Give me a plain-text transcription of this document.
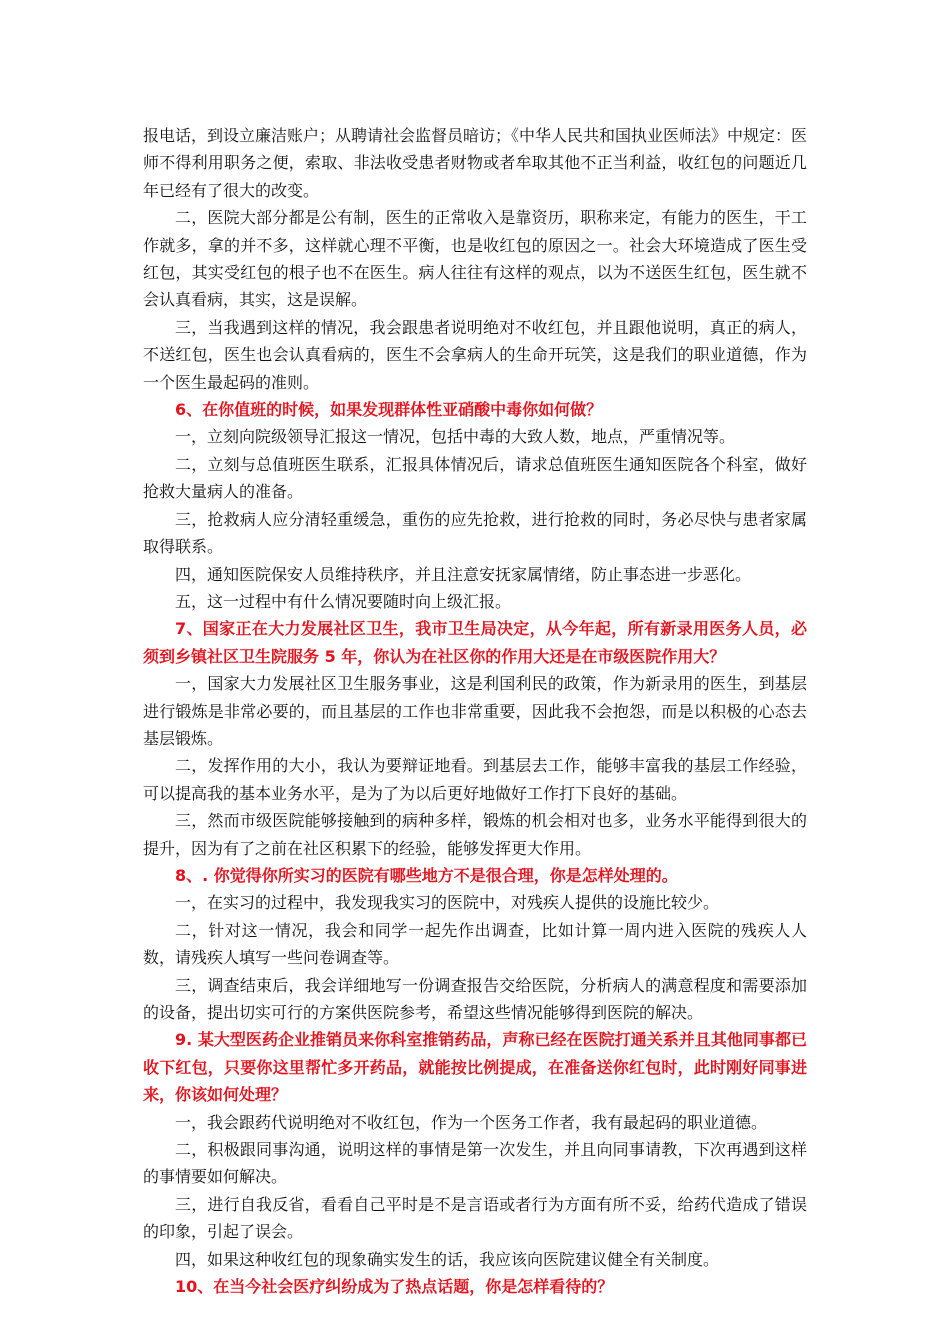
报电话，到设立廉洁账户；从聘请社会监督员暗访；《中华人民共和国执业医师法》中规定：医师不得利用职务之便，索取、非法收受患者财物或者牟取其他不正当利益，收红包的问题近几年已经有了很大的改变。

二，医院大部分都是公有制，医生的正常收入是靠资历，职称来定，有能力的医生，干工作就多，拿的并不多，这样就心理不平衡，也是收红包的原因之一。社会大环境造成了医生受红包，其实受红包的根子也不在医生。病人往往有这样的观点，以为不送医生红包，医生就不会认真看病，其实，这是误解。

三，当我遇到这样的情况，我会跟患者说明绝对不收红包，并且跟他说明，真正的病人，不送红包，医生也会认真看病的，医生不会拿病人的生命开玩笑，这是我们的职业道德，作为一个医生最起码的准则。

6、在你值班的时候，如果发现群体性亚硝酸中毒你如何做？

一，立刻向院级领导汇报这一情况，包括中毒的大致人数，地点，严重情况等。

二，立刻与总值班医生联系，汇报具体情况后，请求总值班医生通知医院各个科室，做好抢救大量病人的准备。

三，抢救病人应分清轻重缓急，重伤的应先抢救，进行抢救的同时，务必尽快与患者家属取得联系。

四，通知医院保安人员维持秩序，并且注意安抚家属情绪，防止事态进一步恶化。

五，这一过程中有什么情况要随时向上级汇报。

7、国家正在大力发展社区卫生，我市卫生局决定，从今年起，所有新录用医务人员，必须到乡镇社区卫生院服务 5 年，你认为在社区你的作用大还是在市级医院作用大？

一，国家大力发展社区卫生服务事业，这是利国利民的政策，作为新录用的医生，到基层进行锻炼是非常必要的，而且基层的工作也非常重要，因此我不会抱怨，而是以积极的心态去基层锻炼。

二，发挥作用的大小，我认为要辩证地看。到基层去工作，能够丰富我的基层工作经验，可以提高我的基本业务水平，是为了为以后更好地做好工作打下良好的基础。

三，然而市级医院能够接触到的病种多样，锻炼的机会相对也多，业务水平能得到很大的提升，因为有了之前在社区积累下的经验，能够发挥更大作用。

8、. 你觉得你所实习的医院有哪些地方不是很合理，你是怎样处理的。

一，在实习的过程中，我发现我实习的医院中，对残疾人提供的设施比较少。

二，针对这一情况，我会和同学一起先作出调查，比如计算一周内进入医院的残疾人人数，请残疾人填写一些问卷调查等。

三，调查结束后，我会详细地写一份调查报告交给医院，分析病人的满意程度和需要添加的设备，提出切实可行的方案供医院参考，希望这些情况能够得到医院的解决。

9. 某大型医药企业推销员来你科室推销药品，声称已经在医院打通关系并且其他同事都已收下红包，只要你这里帮忙多开药品，就能按比例提成，在准备送你红包时，此时刚好同事进来，你该如何处理？

一，我会跟药代说明绝对不收红包，作为一个医务工作者，我有最起码的职业道德。

二，积极跟同事沟通，说明这样的事情是第一次发生，并且向同事请教，下次再遇到这样的事情要如何解决。

三，进行自我反省，看看自己平时是不是言语或者行为方面有所不妥，给药代造成了错误的印象，引起了误会。

四，如果这种收红包的现象确实发生的话，我应该向医院建议健全有关制度。

10、在当今社会医疗纠纷成为了热点话题，你是怎样看待的？
